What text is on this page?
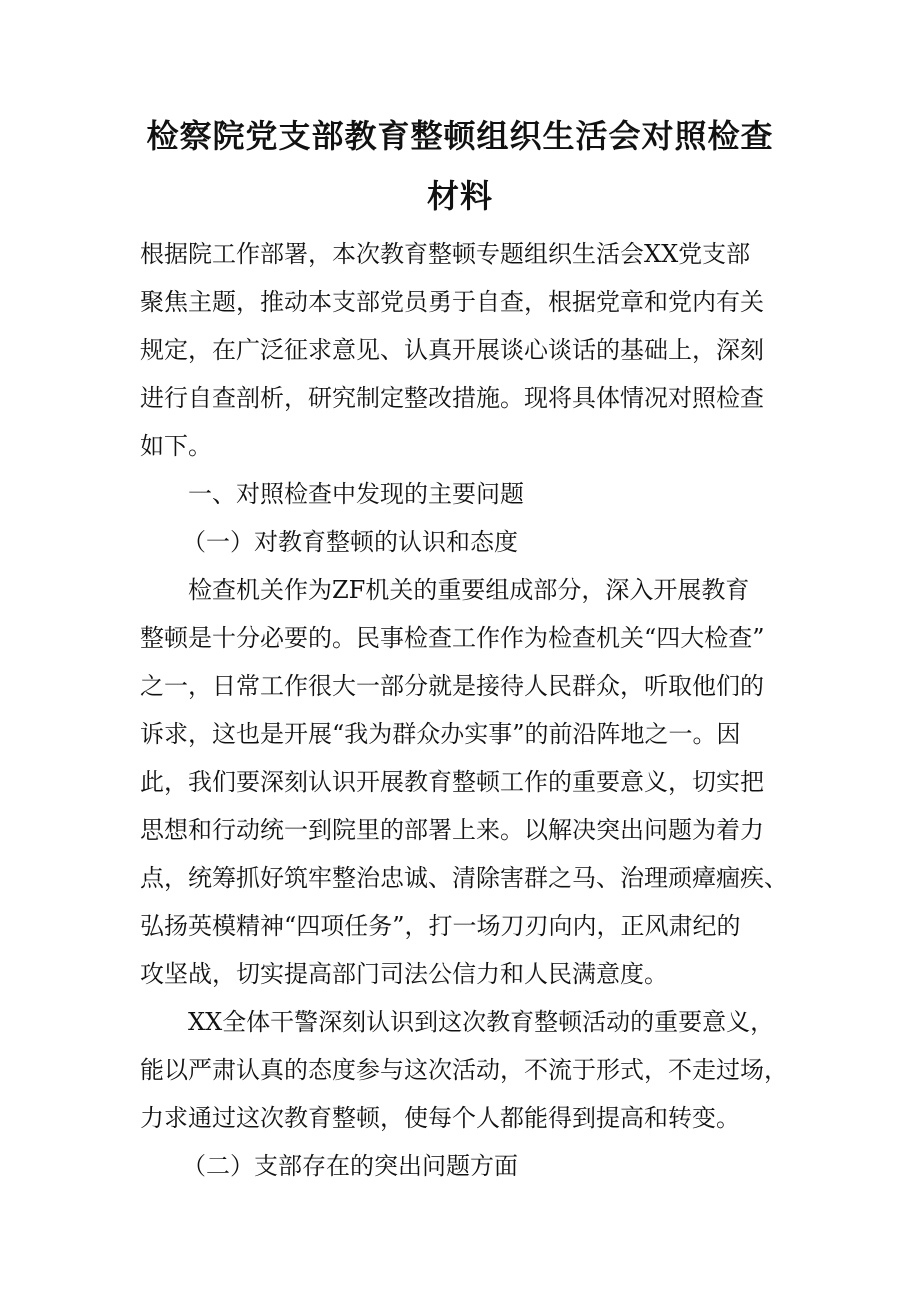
检察院党支部教育整顿组织生活会对照检查
材料
根据院工作部署，本次教育整顿专题组织生活会XX党支部
聚焦主题，推动本支部党员勇于自查，根据党章和党内有关
规定，在广泛征求意见、认真开展谈心谈话的基础上，深刻
进行自查剖析，研究制定整改措施。现将具体情况对照检查
如下。
一、对照检查中发现的主要问题
（一）对教育整顿的认识和态度
检查机关作为ZF机关的重要组成部分，深入开展教育
整顿是十分必要的。民事检查工作作为检查机关“四大检查”
之一，日常工作很大一部分就是接待人民群众，听取他们的
诉求，这也是开展“我为群众办实事”的前沿阵地之一。因
此，我们要深刻认识开展教育整顿工作的重要意义，切实把
思想和行动统一到院里的部署上来。以解决突出问题为着力
点，统筹抓好筑牢整治忠诚、清除害群之马、治理顽瘴痼疾、
弘扬英模精神“四项任务”，打一场刀刃向内，正风肃纪的
攻坚战，切实提高部门司法公信力和人民满意度。
XX全体干警深刻认识到这次教育整顿活动的重要意义，
能以严肃认真的态度参与这次活动，不流于形式，不走过场，
力求通过这次教育整顿，使每个人都能得到提高和转变。
（二）支部存在的突出问题方面
